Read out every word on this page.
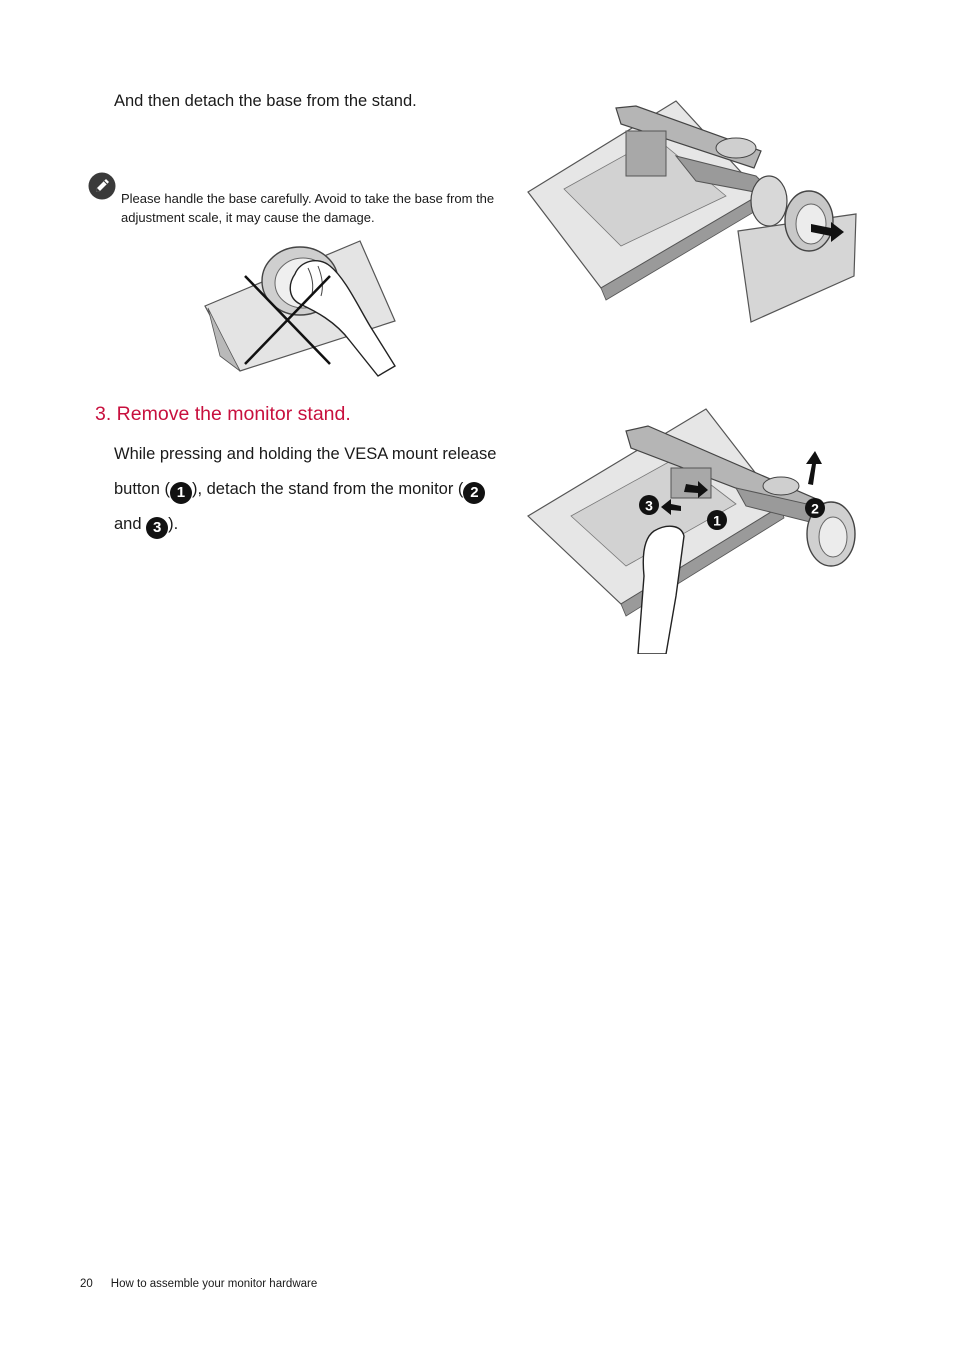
And then detach the base from the stand.
Please handle the base carefully. Avoid to take the base from the adjustment scale, it may cause the damage.
3. Remove the monitor stand.
While pressing and holding the VESA mount release button ( 1 ), detach the stand from the monitor ( 2 and 3 ).	1
2
3
20 How to assemble your monitor hardware
